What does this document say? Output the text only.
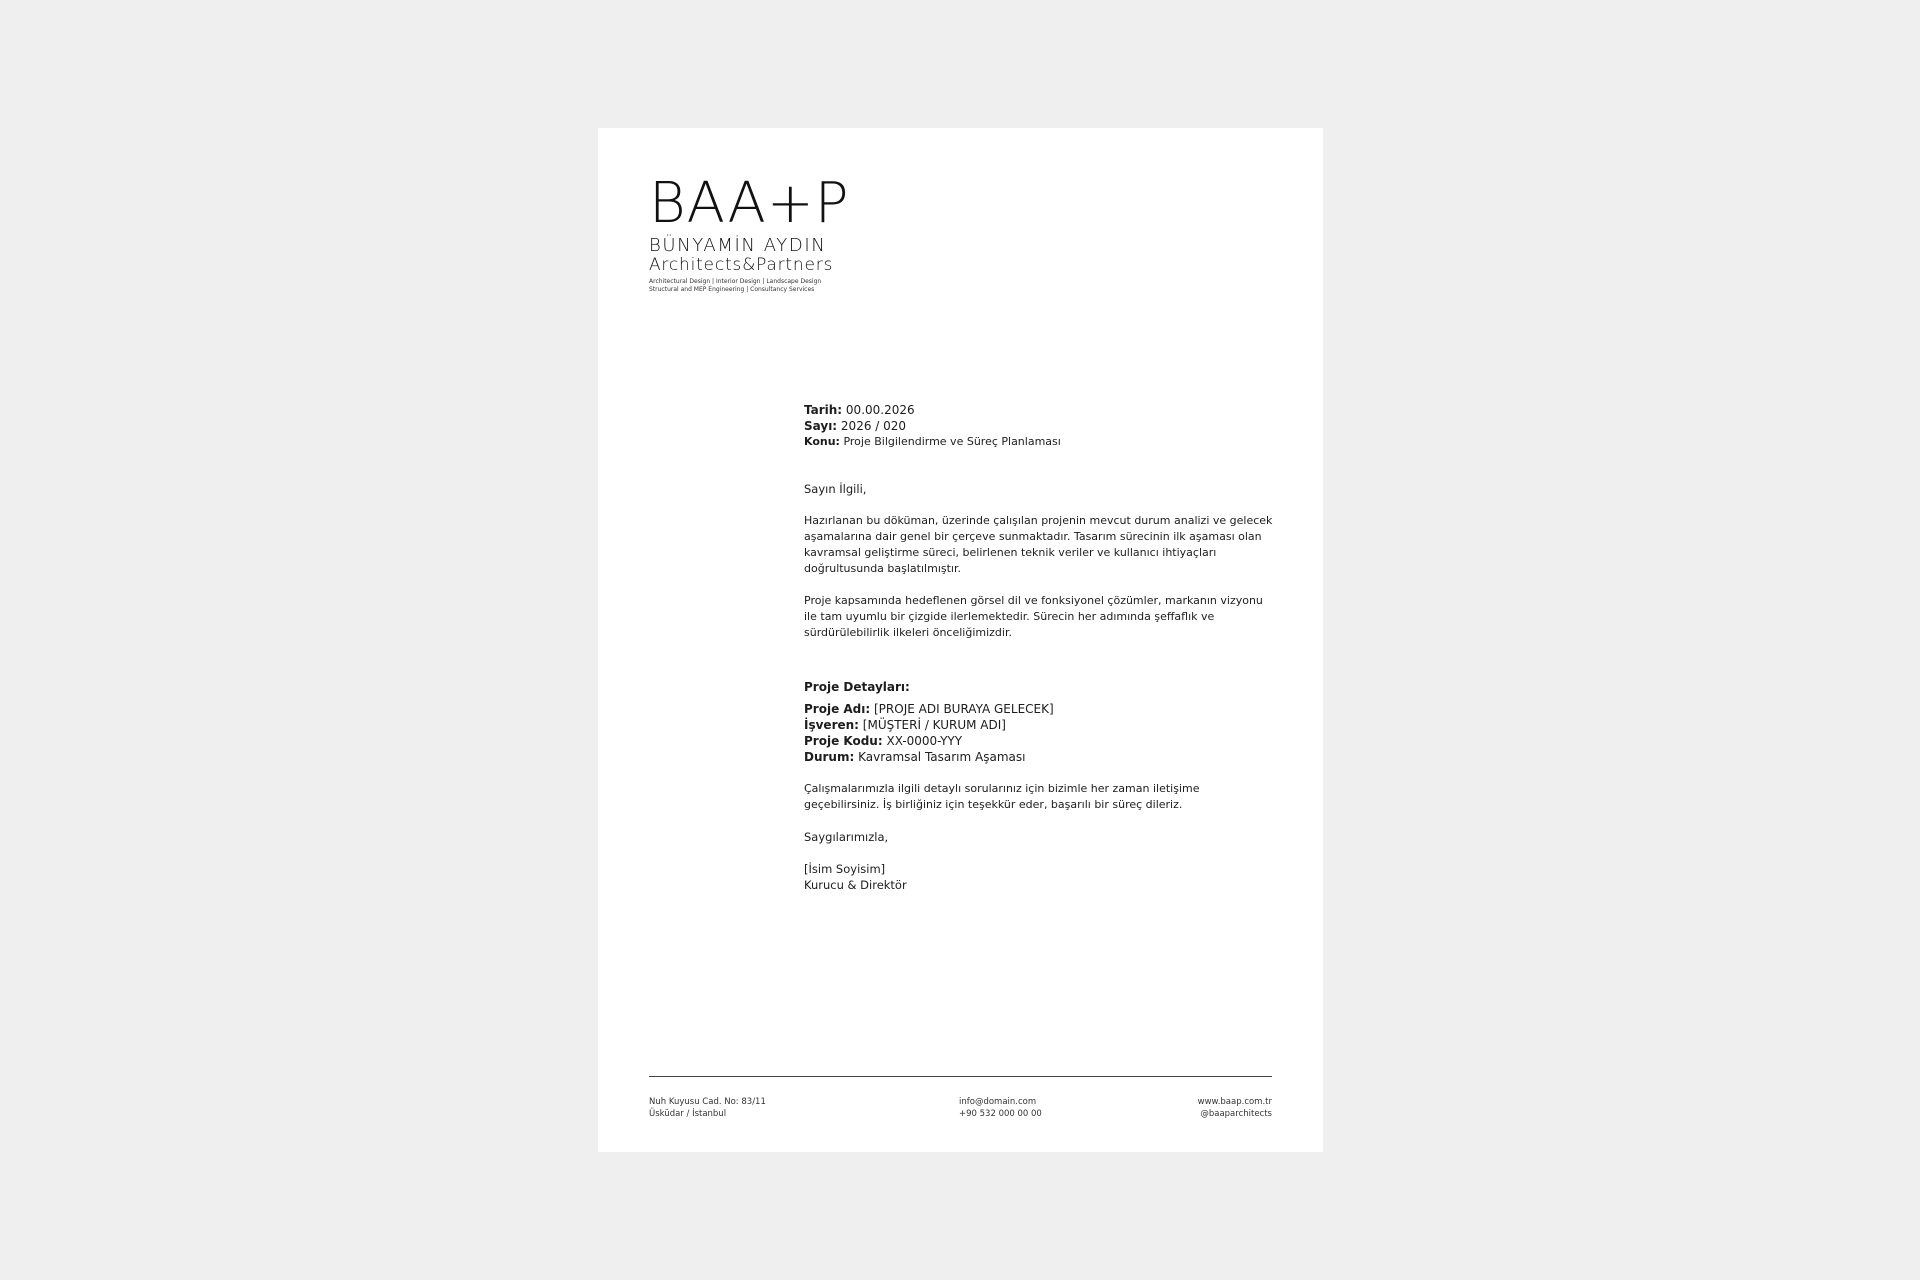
BAA+P
BÜNYAMİN AYDIN
Architects&Partners
Architectural Design | Interior Design | Landscape Design
Structural and MEP Engineering | Consultancy Services
Tarih: 00.00.2026
Sayı: 2026 / 020
Konu: Proje Bilgilendirme ve Süreç Planlaması
Sayın İlgili,
Hazırlanan bu döküman, üzerinde çalışılan projenin mevcut durum analizi ve gelecek aşamalarına dair genel bir çerçeve sunmaktadır. Tasarım sürecinin ilk aşaması olan kavramsal geliştirme süreci, belirlenen teknik veriler ve kullanıcı ihtiyaçları doğrultusunda başlatılmıştır.
Proje kapsamında hedeflenen görsel dil ve fonksiyonel çözümler, markanın vizyonu ile tam uyumlu bir çizgide ilerlemektedir. Sürecin her adımında şeffaflık ve sürdürülebilirlik ilkeleri önceliğimizdir.
Proje Detayları:
Proje Adı: [PROJE ADI BURAYA GELECEK]
İşveren: [MÜŞTERİ / KURUM ADI]
Proje Kodu: XX-0000-YYY
Durum: Kavramsal Tasarım Aşaması
Çalışmalarımızla ilgili detaylı sorularınız için bizimle her zaman iletişime geçebilirsiniz. İş birliğiniz için teşekkür eder, başarılı bir süreç dileriz.
Saygılarımızla,
[İsim Soyisim]
Kurucu & Direktör
Nuh Kuyusu Cad. No: 83/11
Üsküdar / İstanbul
info@domain.com
+90 532 000 00 00
www.baap.com.tr
@baaparchitects
